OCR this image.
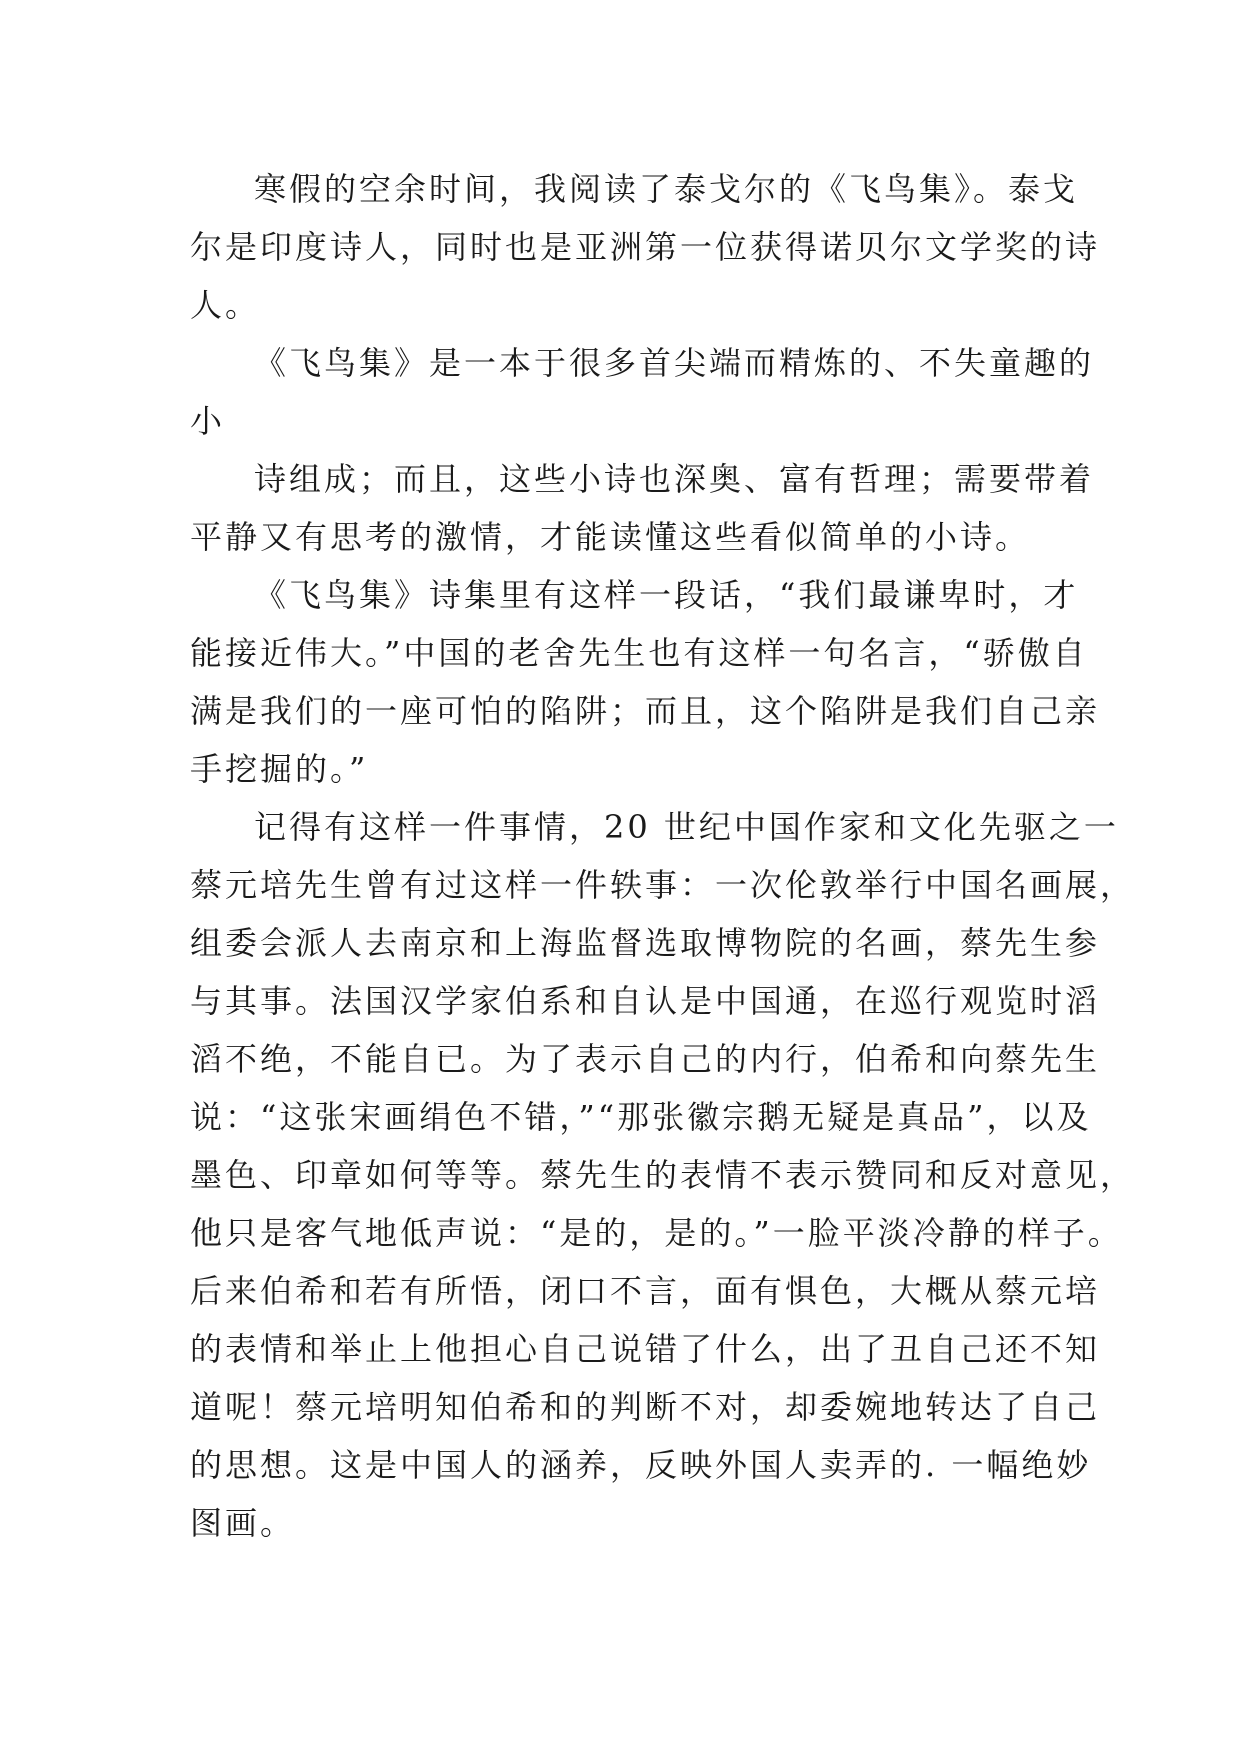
寒假的空余时间，我阅读了泰戈尔的《飞鸟集》。泰戈
尔是印度诗人，同时也是亚洲第一位获得诺贝尔文学奖的诗
人。

《飞鸟集》是一本于很多首尖端而精炼的、不失童趣的
小

诗组成；而且，这些小诗也深奥、富有哲理；需要带着
平静又有思考的激情，才能读懂这些看似简单的小诗。

《飞鸟集》诗集里有这样一段话，“我们最谦卑时，才
能接近伟大。”中国的老舍先生也有这样一句名言，“骄傲自
满是我们的一座可怕的陷阱；而且，这个陷阱是我们自己亲
手挖掘的。”

记得有这样一件事情，20 世纪中国作家和文化先驱之一
蔡元培先生曾有过这样一件轶事：一次伦敦举行中国名画展，
组委会派人去南京和上海监督选取博物院的名画，蔡先生参
与其事。法国汉学家伯系和自认是中国通，在巡行观览时滔
滔不绝，不能自已。为了表示自己的内行，伯希和向蔡先生
说：“这张宋画绢色不错，”“那张徽宗鹅无疑是真品”，以及
墨色、印章如何等等。蔡先生的表情不表示赞同和反对意见，
他只是客气地低声说：“是的，是的。”一脸平淡冷静的样子。
后来伯希和若有所悟，闭口不言，面有惧色，大概从蔡元培
的表情和举止上他担心自己说错了什么，出了丑自己还不知
道呢！蔡元培明知伯希和的判断不对，却委婉地转达了自己
的思想。这是中国人的涵养，反映外国人卖弄的. 一幅绝妙
图画。
